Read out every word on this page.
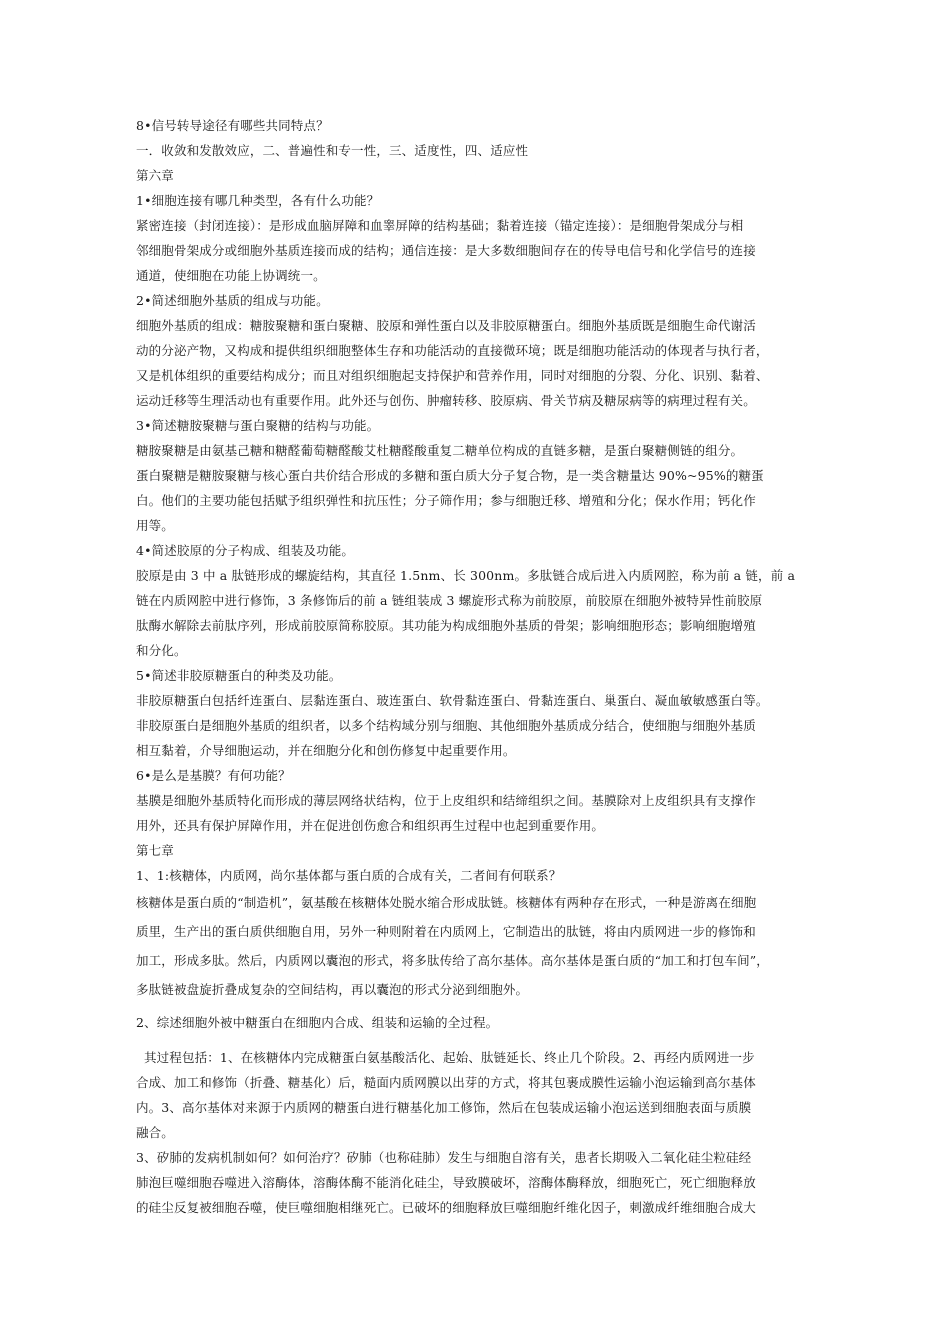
8•信号转导途径有哪些共同特点？
一．收敛和发散效应，二、普遍性和专一性，三、适度性，四、适应性
第六章
1•细胞连接有哪几种类型，各有什么功能？
紧密连接（封闭连接）：是形成血脑屏障和血睾屏障的结构基础；黏着连接（锚定连接）：是细胞骨架成分与相
邻细胞骨架成分或细胞外基质连接而成的结构；通信连接：是大多数细胞间存在的传导电信号和化学信号的连接
通道，使细胞在功能上协调统一。
2•简述细胞外基质的组成与功能。
细胞外基质的组成：糖胺聚糖和蛋白聚糖、胶原和弹性蛋白以及非胶原糖蛋白。细胞外基质既是细胞生命代谢活
动的分泌产物，又构成和提供组织细胞整体生存和功能活动的直接微环境；既是细胞功能活动的体现者与执行者，
又是机体组织的重要结构成分；而且对组织细胞起支持保护和营养作用，同时对细胞的分裂、分化、识别、黏着、
运动迁移等生理活动也有重要作用。此外还与创伤、肿瘤转移、胶原病、骨关节病及糖尿病等的病理过程有关。
3•简述糖胺聚糖与蛋白聚糖的结构与功能。
糖胺聚糖是由氨基己糖和糖醛葡萄糖醛酸艾杜糖醛酸重复二糖单位构成的直链多糖，是蛋白聚糖侧链的组分。
蛋白聚糖是糖胺聚糖与核心蛋白共价结合形成的多糖和蛋白质大分子复合物，是一类含糖量达 90%~95%的糖蛋
白。他们的主要功能包括赋予组织弹性和抗压性；分子筛作用；参与细胞迁移、增殖和分化；保水作用；钙化作
用等。
4•简述胶原的分子构成、组装及功能。
胶原是由 3 中 a 肽链形成的螺旋结构，其直径 1.5nm、长 300nm。多肽链合成后进入内质网腔，称为前 a 链，前 a
链在内质网腔中进行修饰，3 条修饰后的前 a 链组装成 3 螺旋形式称为前胶原，前胶原在细胞外被特异性前胶原
肽酶水解除去前肽序列，形成前胶原简称胶原。其功能为构成细胞外基质的骨架；影响细胞形态；影响细胞增殖
和分化。
5•简述非胶原糖蛋白的种类及功能。
非胶原糖蛋白包括纤连蛋白、层黏连蛋白、玻连蛋白、软骨黏连蛋白、骨黏连蛋白、巢蛋白、凝血敏敏感蛋白等。
非胶原蛋白是细胞外基质的组织者，以多个结构域分别与细胞、其他细胞外基质成分结合，使细胞与细胞外基质
相互黏着，介导细胞运动，并在细胞分化和创伤修复中起重要作用。
6•是么是基膜？有何功能？
基膜是细胞外基质特化而形成的薄层网络状结构，位于上皮组织和结缔组织之间。基膜除对上皮组织具有支撑作
用外，还具有保护屏障作用，并在促进创伤愈合和组织再生过程中也起到重要作用。
第七章
1、1:核糖体，内质网，尚尔基体都与蛋白质的合成有关，二者间有何联系？
核糖体是蛋白质的“制造机”，氨基酸在核糖体处脱水缩合形成肽链。核糖体有两种存在形式，一种是游离在细胞
质里，生产出的蛋白质供细胞自用，另外一种则附着在内质网上，它制造出的肽链，将由内质网进一步的修饰和
加工，形成多肽。然后，内质网以囊泡的形式，将多肽传给了高尔基体。高尔基体是蛋白质的“加工和打包车间”，
多肽链被盘旋折叠成复杂的空间结构，再以囊泡的形式分泌到细胞外。
2、综述细胞外被中糖蛋白在细胞内合成、组装和运输的全过程。
其过程包括：1、在核糖体内完成糖蛋白氨基酸活化、起始、肽链延长、终止几个阶段。2、再经内质网进一步
合成、加工和修饰（折叠、糖基化）后，糙面内质网膜以出芽的方式，将其包裹成膜性运输小泡运输到高尔基体
内。3、高尔基体对来源于内质网的糖蛋白进行糖基化加工修饰，然后在包装成运输小泡运送到细胞表面与质膜
融合。
3、矽肺的发病机制如何？如何治疗？矽肺（也称硅肺）发生与细胞自溶有关，患者长期吸入二氧化硅尘粒硅经
肺泡巨噬细胞吞噬进入溶酶体，溶酶体酶不能消化硅尘，导致膜破坏，溶酶体酶释放，细胞死亡，死亡细胞释放
的硅尘反复被细胞吞噬，使巨噬细胞相继死亡。已破坏的细胞释放巨噬细胞纤维化因子，刺激成纤维细胞合成大
